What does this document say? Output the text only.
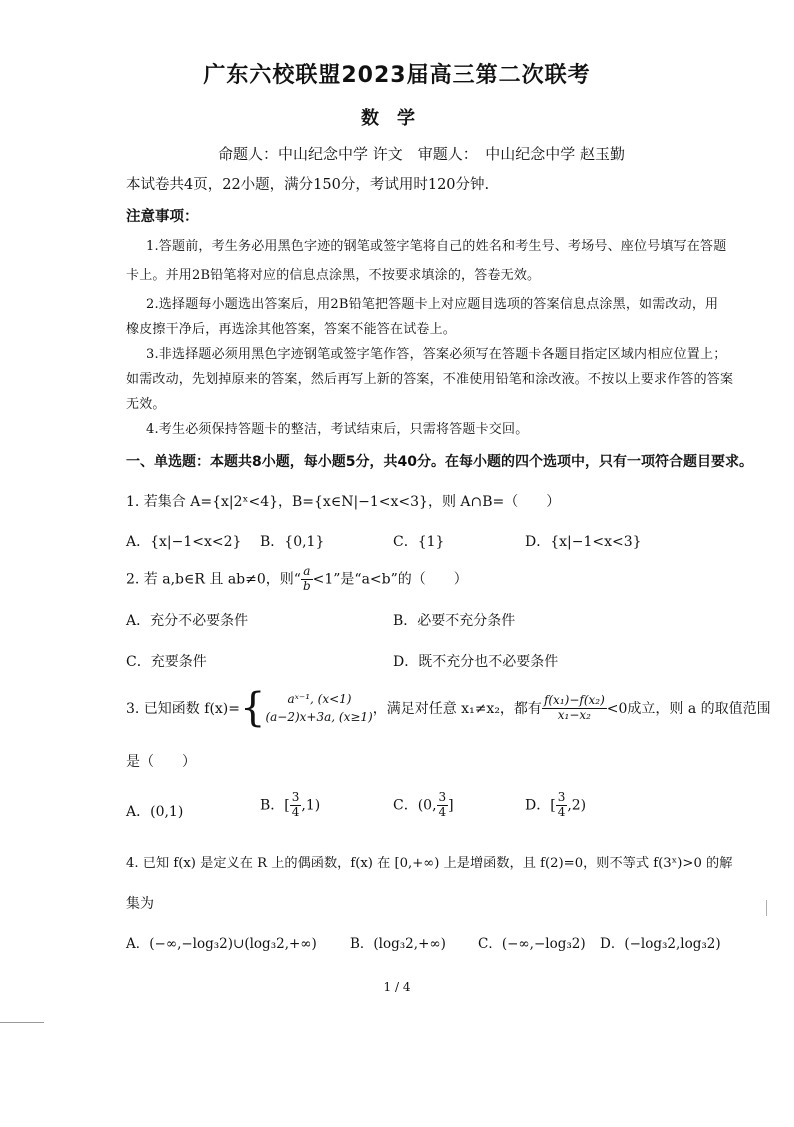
广东六校联盟2023届高三第二次联考
数学
命题人：中山纪念中学 许文　审题人：　中山纪念中学 赵玉勤
本试卷共4页，22小题，满分150分，考试用时120分钟.
注意事项：
1.答题前，考生务必用黑色字迹的钢笔或签字笔将自己的姓名和考生号、考场号、座位号填写在答题
卡上。并用2B铅笔将对应的信息点涂黑，不按要求填涂的，答卷无效。
2.选择题每小题选出答案后，用2B铅笔把答题卡上对应题目选项的答案信息点涂黑，如需改动，用
橡皮擦干净后，再选涂其他答案，答案不能答在试卷上。
3.非选择题必须用黑色字迹钢笔或签字笔作答，答案必须写在答题卡各题目指定区域内相应位置上；
如需改动，先划掉原来的答案，然后再写上新的答案，不准使用铅笔和涂改液。不按以上要求作答的答案
无效。
4.考生必须保持答题卡的整洁，考试结束后，只需将答题卡交回。
一、单选题：本题共8小题，每小题5分，共40分。在每小题的四个选项中，只有一项符合题目要求。
1. 若集合 A={x|2ˣ<4}，B={x∈N|−1<x<3}，则 A∩B=（　　）
A．{x|−1<x<2} B．{0,1}	C．{1}	D．{x|−1<x<3}
2. 若 a,b∈R 且 ab≠0，则“ $\frac{a}{b} <1$”是“a<b”的（　　）
A．充分不必要条件	B．必要不充分条件
C．充要条件	D．既不充分也不必要条件
3. 已知函数 f(x)={	aˣ⁻¹, (x<1)
(a−2)x+3a, (x≥1) ，满足对任意 x₁≠x₂，都有 $\frac{\text{f(x₁)−f(x₂)}}{\text{x₁−x₂}} <0$成立，则 a 的取值范围
是（　　）
A．(0,1)	B．[ $\frac{3}{4} ,1$)	C．(0, $\frac{3}{4}$ ]	D．[ $\frac{3}{4} ,2$)
4. 已知 f(x) 是定义在 R 上的偶函数，f(x) 在 [0,+∞) 上是增函数，且 f(2)=0，则不等式 f(3ˣ)>0 的解
集为
A．(−∞,−log₃2)∪(log₃2,+∞) B．(log₃2,+∞) C．(−∞,−log₃2) D．(−log₃2,log₃2)
1 / 4
